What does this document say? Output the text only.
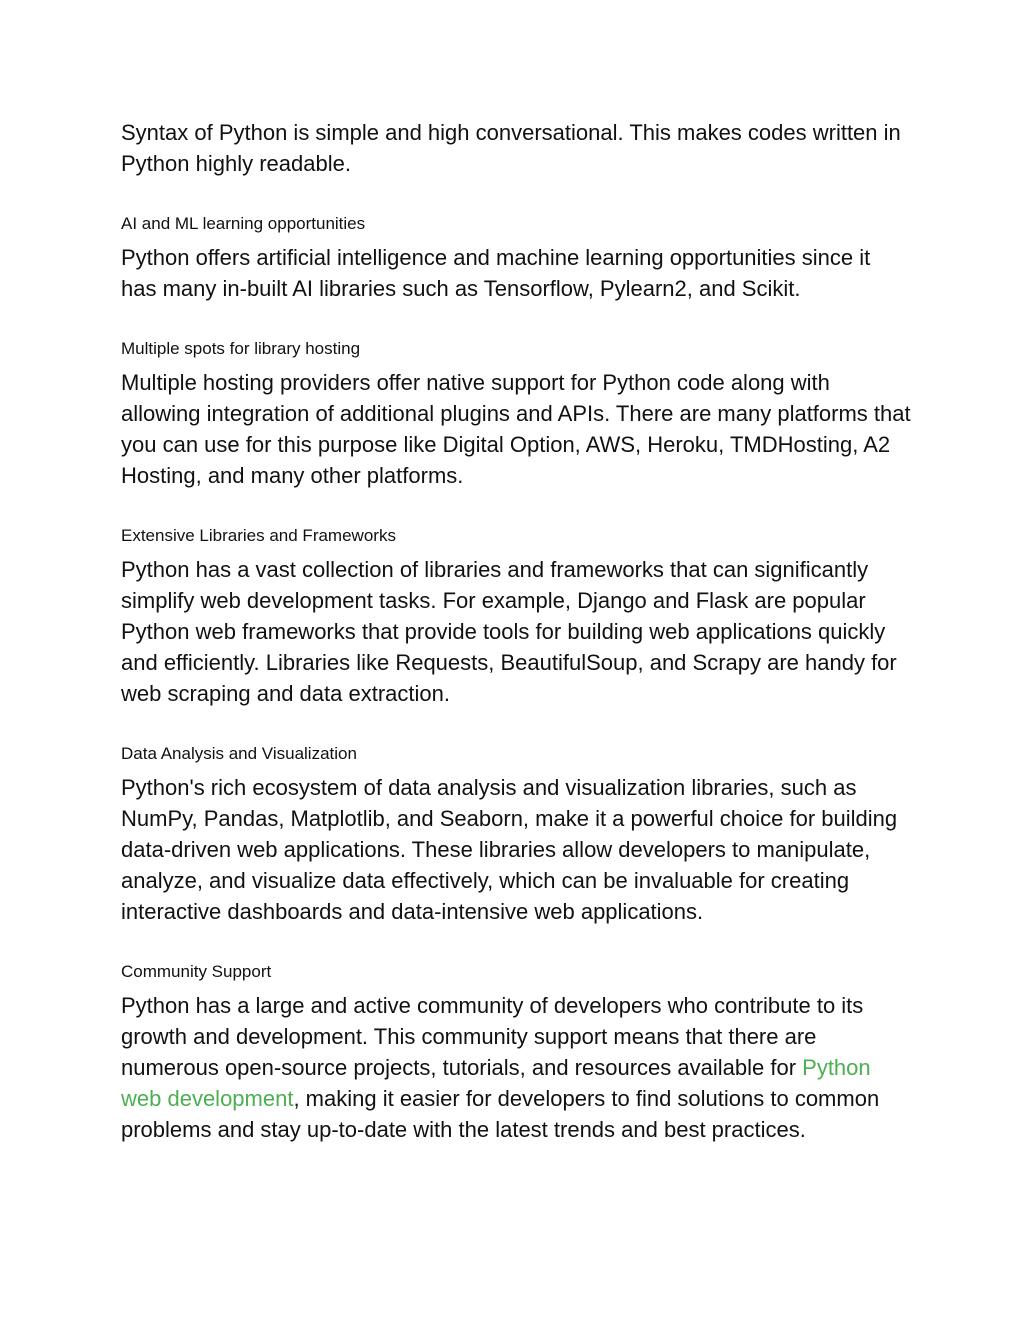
Syntax of Python is simple and high conversational. This makes codes written in Python highly readable.

AI and ML learning opportunities

Python offers artificial intelligence and machine learning opportunities since it has many in-built AI libraries such as Tensorflow, Pylearn2, and Scikit.

Multiple spots for library hosting

Multiple hosting providers offer native support for Python code along with allowing integration of additional plugins and APIs. There are many platforms that you can use for this purpose like Digital Option, AWS, Heroku, TMDHosting, A2 Hosting, and many other platforms.

Extensive Libraries and Frameworks

Python has a vast collection of libraries and frameworks that can significantly simplify web development tasks. For example, Django and Flask are popular Python web frameworks that provide tools for building web applications quickly and efficiently. Libraries like Requests, BeautifulSoup, and Scrapy are handy for web scraping and data extraction.

Data Analysis and Visualization

Python's rich ecosystem of data analysis and visualization libraries, such as NumPy, Pandas, Matplotlib, and Seaborn, make it a powerful choice for building data-driven web applications. These libraries allow developers to manipulate, analyze, and visualize data effectively, which can be invaluable for creating interactive dashboards and data-intensive web applications.

Community Support

Python has a large and active community of developers who contribute to its growth and development. This community support means that there are numerous open-source projects, tutorials, and resources available for Python web development, making it easier for developers to find solutions to common problems and stay up-to-date with the latest trends and best practices.
